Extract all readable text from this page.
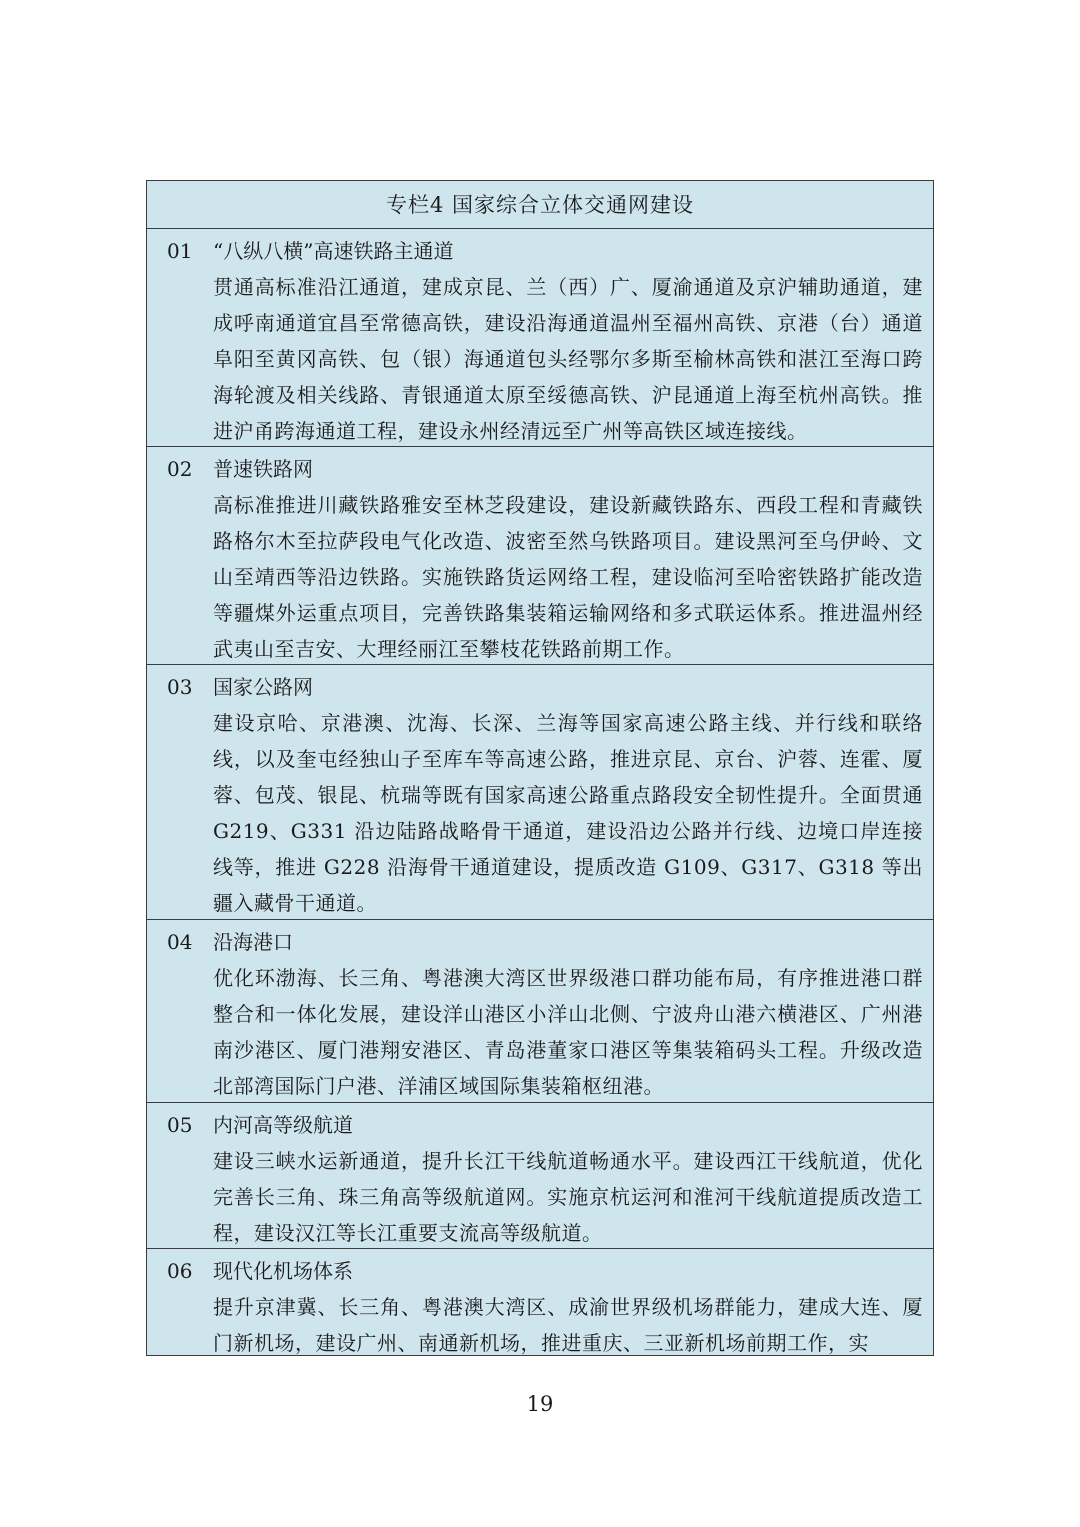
专栏4 国家综合立体交通网建设
01	“八纵八横”高速铁路主通道
贯通高标准沿江通道，建成京昆、兰（西）广、厦渝通道及京沪辅助通道，建成呼南通道宜昌至常德高铁，建设沿海通道温州至福州高铁、京港（台）通道阜阳至黄冈高铁、包（银）海通道包头经鄂尔多斯至榆林高铁和湛江至海口跨海轮渡及相关线路、青银通道太原至绥德高铁、沪昆通道上海至杭州高铁。推进沪甬跨海通道工程，建设永州经清远至广州等高铁区域连接线。
02	普速铁路网
高标准推进川藏铁路雅安至林芝段建设，建设新藏铁路东、西段工程和青藏铁路格尔木至拉萨段电气化改造、波密至然乌铁路项目。建设黑河至乌伊岭、文山至靖西等沿边铁路。实施铁路货运网络工程，建设临河至哈密铁路扩能改造等疆煤外运重点项目，完善铁路集装箱运输网络和多式联运体系。推进温州经武夷山至吉安、大理经丽江至攀枝花铁路前期工作。
03	国家公路网
建设京哈、京港澳、沈海、长深、兰海等国家高速公路主线、并行线和联络线，以及奎屯经独山子至库车等高速公路，推进京昆、京台、沪蓉、连霍、厦蓉、包茂、银昆、杭瑞等既有国家高速公路重点路段安全韧性提升。全面贯通 G219、G331 沿边陆路战略骨干通道，建设沿边公路并行线、边境口岸连接线等，推进 G228 沿海骨干通道建设，提质改造 G109、G317、G318 等出疆入藏骨干通道。
04	沿海港口
优化环渤海、长三角、粤港澳大湾区世界级港口群功能布局，有序推进港口群整合和一体化发展，建设洋山港区小洋山北侧、宁波舟山港六横港区、广州港南沙港区、厦门港翔安港区、青岛港董家口港区等集装箱码头工程。升级改造北部湾国际门户港、洋浦区域国际集装箱枢纽港。
05	内河高等级航道
建设三峡水运新通道，提升长江干线航道畅通水平。建设西江干线航道，优化完善长三角、珠三角高等级航道网。实施京杭运河和淮河干线航道提质改造工程，建设汉江等长江重要支流高等级航道。
06	现代化机场体系
提升京津冀、长三角、粤港澳大湾区、成渝世界级机场群能力，建成大连、厦门新机场，建设广州、南通新机场，推进重庆、三亚新机场前期工作，实
19
